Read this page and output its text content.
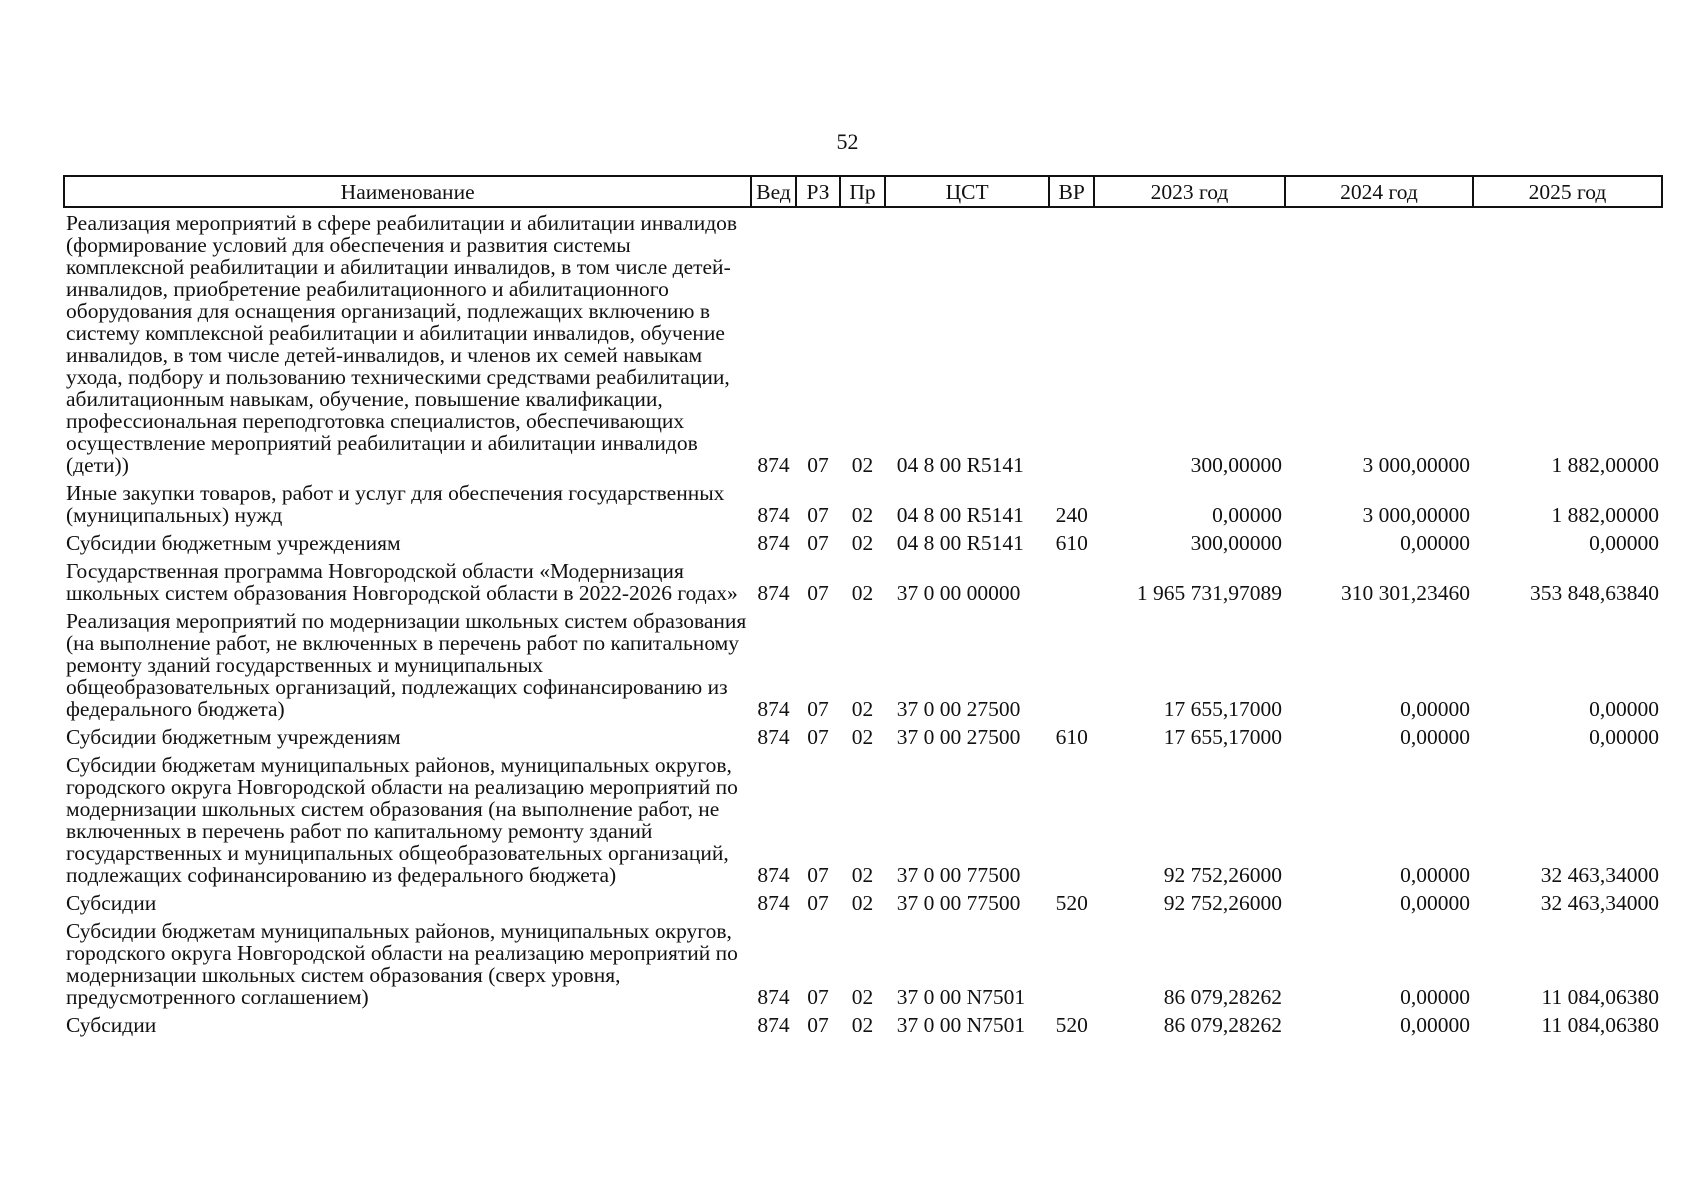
52
Наименование	Вед	РЗ	Пр	ЦСТ	ВР	2023 год	2024 год	2025 год
Реализация мероприятий в сфере реабилитации и абилитации инвалидов (формирование условий для обеспечения и развития системы комплексной реабилитации и абилитации инвалидов, в том числе детей-инвалидов, приобретение реабилитационного и абилитационного оборудования для оснащения организаций, подлежащих включению в систему комплексной реабилитации и абилитации инвалидов, обучение инвалидов, в том числе детей-инвалидов, и членов их семей навыкам ухода, подбору и пользованию техническими средствами реабилитации, абилитационным навыкам, обучение, повышение квалификации, профессиональная переподготовка специалистов, обеспечивающих осуществление мероприятий реабилитации и абилитации инвалидов (дети))	874	07	02	04 8 00 R5141		300,00000	3 000,00000	1 882,00000
Иные закупки товаров, работ и услуг для обеспечения государственных (муниципальных) нужд	874	07	02	04 8 00 R5141	240	0,00000	3 000,00000	1 882,00000
Субсидии бюджетным учреждениям	874	07	02	04 8 00 R5141	610	300,00000	0,00000	0,00000
Государственная программа Новгородской области «Модернизация школьных систем образования Новгородской области в 2022-2026 годах»	874	07	02	37 0 00 00000		1 965 731,97089	310 301,23460	353 848,63840
Реализация мероприятий по модернизации школьных систем образования (на выполнение работ, не включенных в перечень работ по капитальному ремонту зданий государственных и муниципальных общеобразовательных организаций, подлежащих софинансированию из федерального бюджета)	874	07	02	37 0 00 27500		17 655,17000	0,00000	0,00000
Субсидии бюджетным учреждениям	874	07	02	37 0 00 27500	610	17 655,17000	0,00000	0,00000
Субсидии бюджетам муниципальных районов, муниципальных округов, городского округа Новгородской области на реализацию мероприятий по модернизации школьных систем образования (на выполнение работ, не включенных в перечень работ по капитальному ремонту зданий государственных и муниципальных общеобразовательных организаций, подлежащих софинансированию из федерального бюджета)	874	07	02	37 0 00 77500		92 752,26000	0,00000	32 463,34000
Субсидии	874	07	02	37 0 00 77500	520	92 752,26000	0,00000	32 463,34000
Субсидии бюджетам муниципальных районов, муниципальных округов, городского округа Новгородской области на реализацию мероприятий по модернизации школьных систем образования (сверх уровня, предусмотренного соглашением)	874	07	02	37 0 00 N7501		86 079,28262	0,00000	11 084,06380
Субсидии	874	07	02	37 0 00 N7501	520	86 079,28262	0,00000	11 084,06380
